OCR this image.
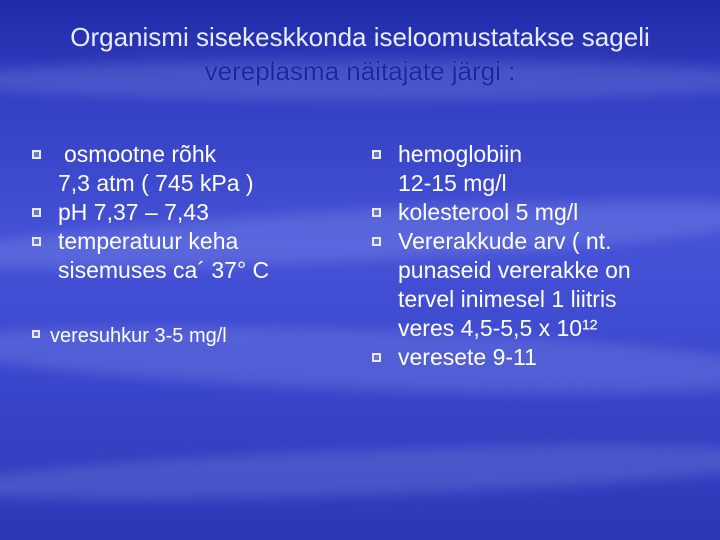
Organismi sisekeskkonda iseloomustatakse sageli
vereplasma näitajate järgi :
osmootne rõhk
7,3 atm ( 745 kPa )
pH 7,37 – 7,43
temperatuur keha
sisemuses ca´ 37° C
veresuhkur 3-5 mg/l
hemoglobiin
12-15 mg/l
kolesterool 5 mg/l
Vererakkude arv ( nt.
punaseid vererakke on
tervel inimesel 1 liitris
veres 4,5-5,5 x 10¹²
veresete 9-11
